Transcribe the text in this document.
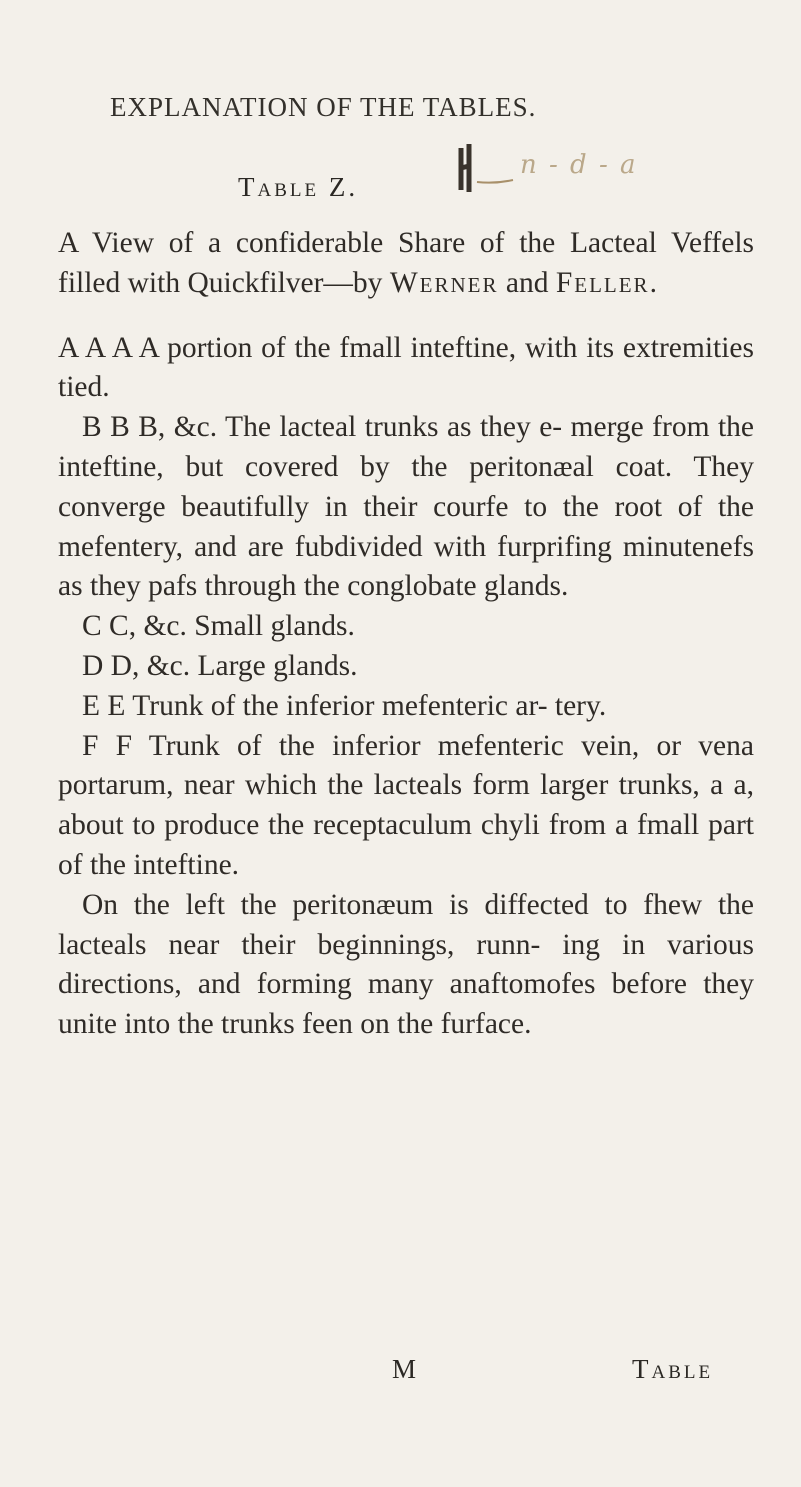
EXPLANATION OF THE TABLES.
Table Z.
n ‑ d ‑ a

A View of a confiderable Share of the Lacteal Veffels filled with Quickfilver—by Werner and Feller.

A A A A portion of the fmall inteftine, with its extremities tied.

B B B, &c. The lacteal trunks as they e- merge from the inteftine, but covered by the peritonæal coat. They converge beautifully in their courfe to the root of the mefentery, and are fubdivided with furprifing minutenefs as they pafs through the conglobate glands.

C C, &c. Small glands.

D D, &c. Large glands.

E E Trunk of the inferior mefenteric ar- tery.

F F Trunk of the inferior mefenteric vein, or vena portarum, near which the lacteals form larger trunks, a a, about to produce the receptaculum chyli from a fmall part of the inteftine.

On the left the peritonæum is diffected to fhew the lacteals near their beginnings, runn- ing in various directions, and forming many anaftomofes before they unite into the trunks feen on the furface.

M	Table
